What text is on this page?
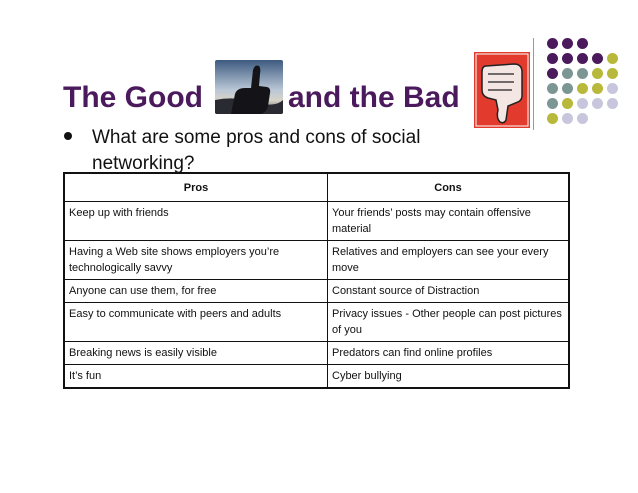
The Good	and the Bad
What are some pros and cons of social networking?
Pros	Cons
Keep up with friends	Your friends’ posts may contain offensive material
Having a Web site shows employers you’re technologically savvy	Relatives and employers can see your every move
Anyone can use them, for free	Constant source of Distraction
Easy to communicate with peers and adults	Privacy issues - Other people can post pictures of you
Breaking news is easily visible	Predators can find online profiles
It’s fun	Cyber bullying
